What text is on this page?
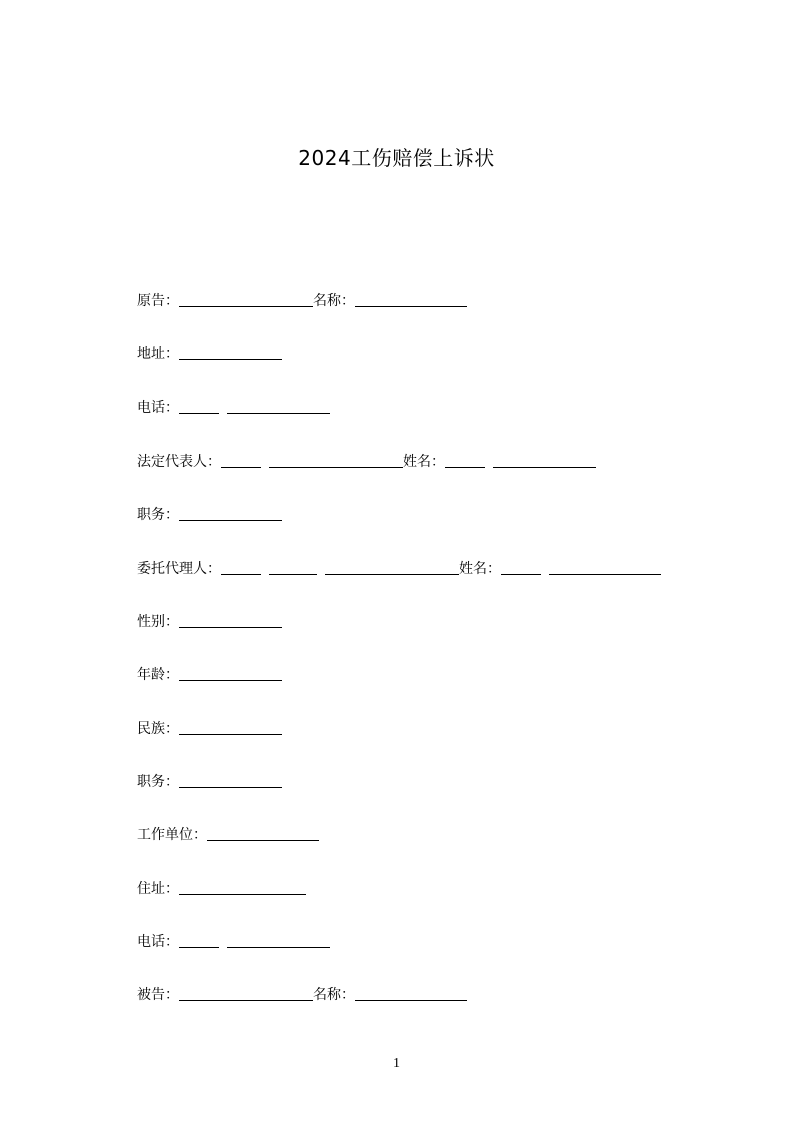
2024工伤赔偿上诉状
原告：	名称：
地址：
电话：
法定代表人：	姓名：
职务：
委托代理人：	姓名：
性别：
年龄：
民族：
职务：
工作单位：
住址：
电话：
被告：	名称：
1
